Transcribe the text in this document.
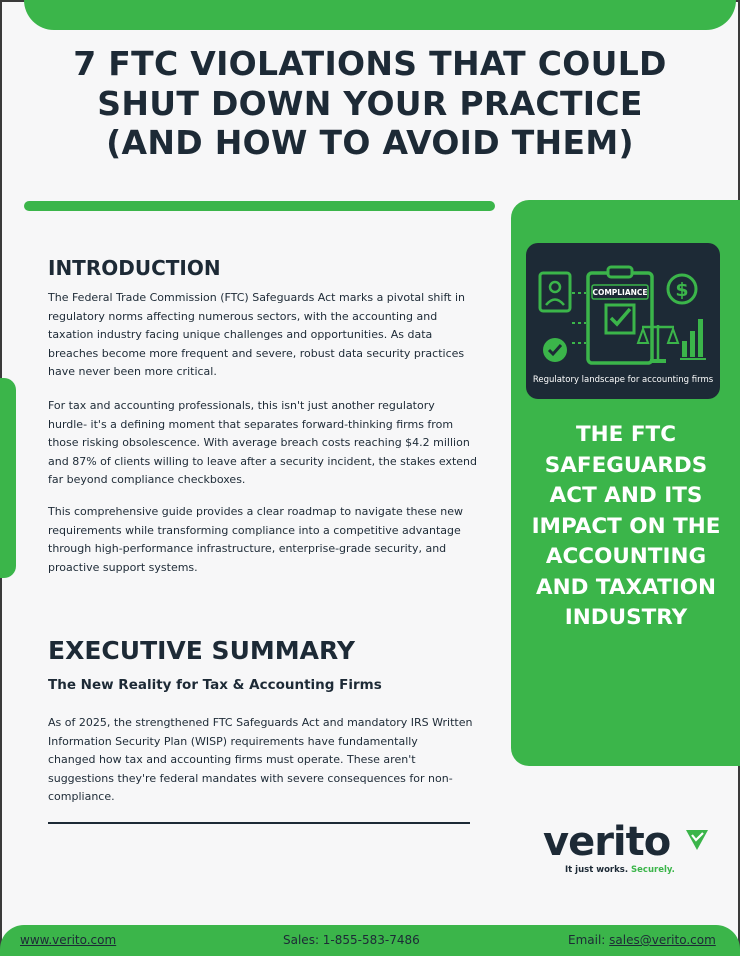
7 FTC VIOLATIONS THAT COULD
SHUT DOWN YOUR PRACTICE
(AND HOW TO AVOID THEM)
$
COMPLIANCE
Regulatory landscape for accounting firms
THE FTC
SAFEGUARDS
ACT AND ITS
IMPACT ON THE
ACCOUNTING
AND TAXATION
INDUSTRY
INTRODUCTION

The Federal Trade Commission (FTC) Safeguards Act marks a pivotal shift in
regulatory norms affecting numerous sectors, with the accounting and
taxation industry facing unique challenges and opportunities. As data
breaches become more frequent and severe, robust data security practices
have never been more critical.

For tax and accounting professionals, this isn't just another regulatory
hurdle- it's a defining moment that separates forward-thinking firms from
those risking obsolescence. With average breach costs reaching $4.2 million
and 87% of clients willing to leave after a security incident, the stakes extend
far beyond compliance checkboxes.

This comprehensive guide provides a clear roadmap to navigate these new
requirements while transforming compliance into a competitive advantage
through high-performance infrastructure, enterprise-grade security, and
proactive support systems.

EXECUTIVE SUMMARY
The New Reality for Tax & Accounting Firms

As of 2025, the strengthened FTC Safeguards Act and mandatory IRS Written
Information Security Plan (WISP) requirements have fundamentally
changed how tax and accounting firms must operate. These aren't
suggestions they're federal mandates with severe consequences for non-
compliance.

verito
It just works. Securely.
www.verito.com	Sales: 1-855-583-7486	Email: sales@verito.com
